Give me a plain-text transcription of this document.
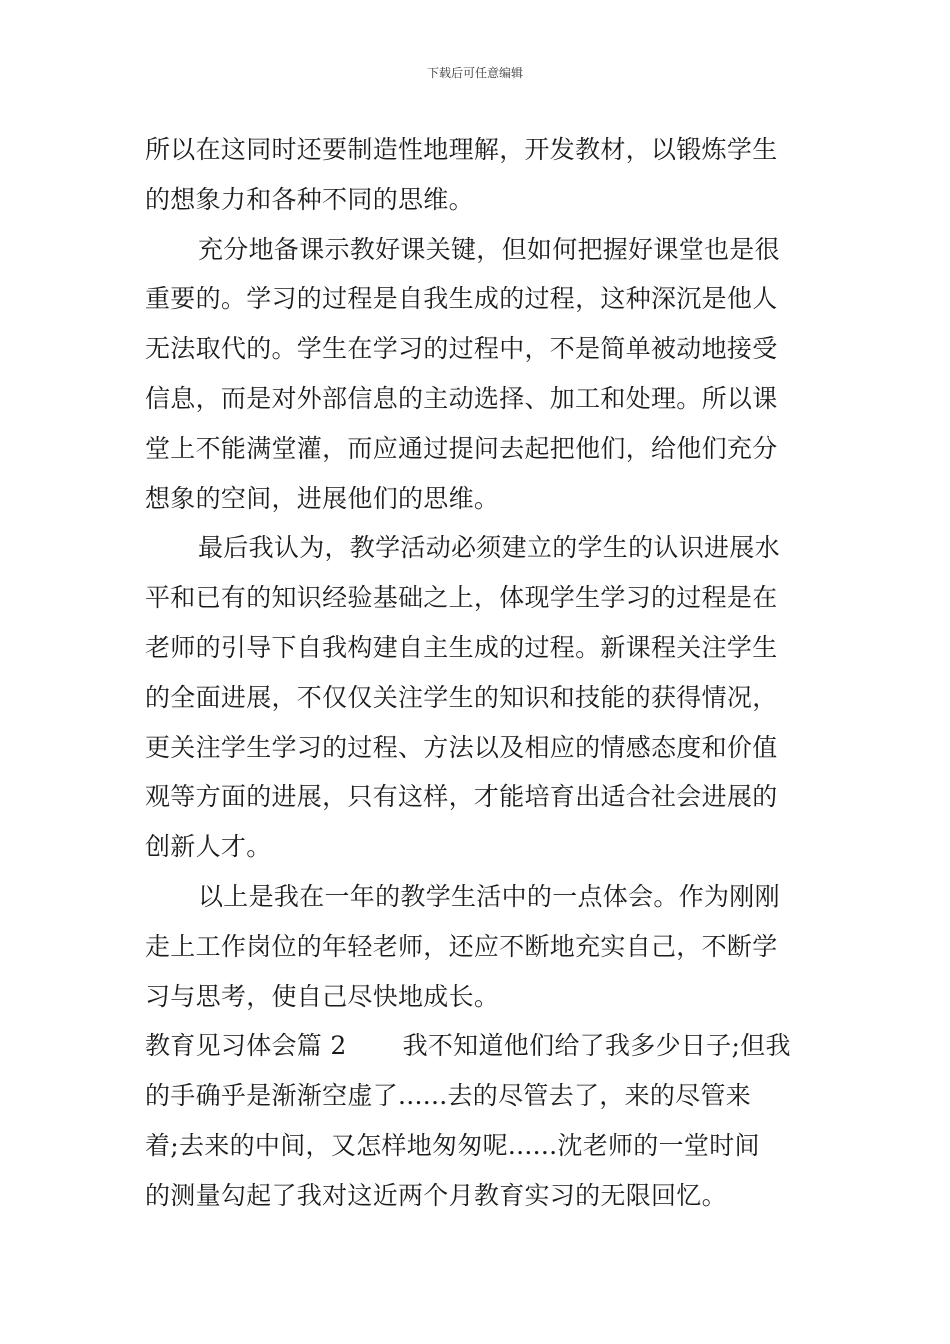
下载后可任意编辑
所以在这同时还要制造性地理解，开发教材，以锻炼学生
的想象力和各种不同的思维。
充分地备课示教好课关键，但如何把握好课堂也是很
重要的。学习的过程是自我生成的过程，这种深沉是他人
无法取代的。学生在学习的过程中，不是简单被动地接受
信息，而是对外部信息的主动选择、加工和处理。所以课
堂上不能满堂灌，而应通过提问去起把他们，给他们充分
想象的空间，进展他们的思维。
最后我认为，教学活动必须建立的学生的认识进展水
平和已有的知识经验基础之上，体现学生学习的过程是在
老师的引导下自我构建自主生成的过程。新课程关注学生
的全面进展，不仅仅关注学生的知识和技能的获得情况，
更关注学生学习的过程、方法以及相应的情感态度和价值
观等方面的进展，只有这样，才能培育出适合社会进展的
创新人才。
以上是我在一年的教学生活中的一点体会。作为刚刚
走上工作岗位的年轻老师，还应不断地充实自己，不断学
习与思考，使自己尽快地成长。
教育见习体会篇 2 我不知道他们给了我多少日子;但我
的手确乎是渐渐空虚了......去的尽管去了，来的尽管来
着;去来的中间，又怎样地匆匆呢......沈老师的一堂时间
的测量勾起了我对这近两个月教育实习的无限回忆。
